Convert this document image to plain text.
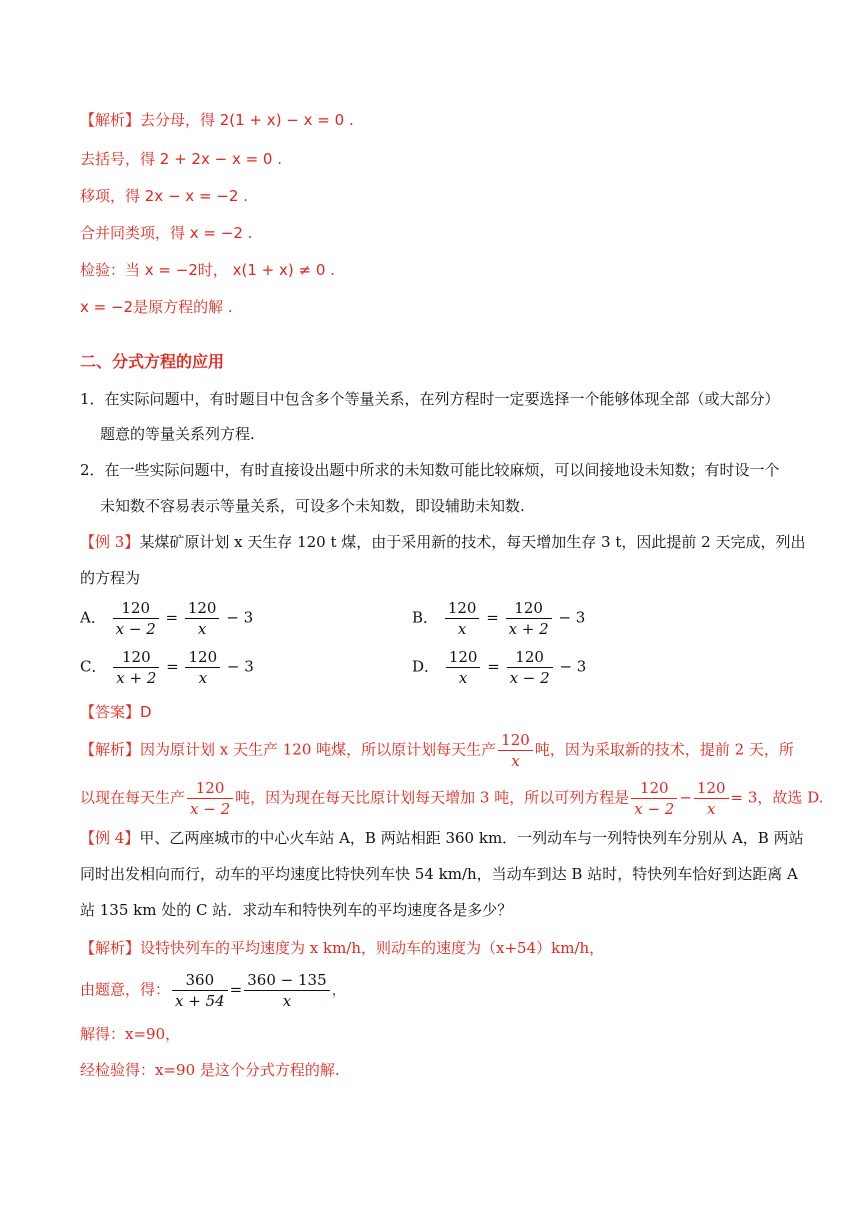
【解析】去分母，得 2(1 + x) − x = 0 .
去括号，得 2 + 2x − x = 0 .
移项，得 2x − x = −2 .
合并同类项，得 x = −2 .
检验：当 x = −2时， x(1 + x) ≠ 0 .
x = −2是原方程的解 .
二、分式方程的应用
1．在实际问题中，有时题目中包含多个等量关系，在列方程时一定要选择一个能够体现全部（或大部分）
题意的等量关系列方程.
2．在一些实际问题中，有时直接设出题中所求的未知数可能比较麻烦，可以间接地设未知数；有时设一个
未知数不容易表示等量关系，可设多个未知数，即设辅助未知数.
【例 3】某煤矿原计划 x 天生存 120 t 煤，由于采用新的技术，每天增加生存 3 t，因此提前 2 天完成，列出
的方程为
A． $\frac{120}{x - 2} = \frac{120}{x} - 3$	B． $\frac{120}{x} = \frac{120}{x + 2} - 3$
C． $\frac{120}{x + 2} = \frac{120}{x} - 3$	D． $\frac{120}{x} = \frac{120}{x - 2} - 3$
【答案】D
【解析】因为原计划 x 天生产 120 吨煤，所以原计划每天生产 $\frac{120}{x}$ 吨，因为采取新的技术，提前 2 天，所
以现在每天生产 $\frac{120}{x - 2}$ 吨，因为现在每天比原计划每天增加 3 吨，所以可列方程是 $\frac{120}{x - 2} - \frac{120}{x} = 3$，故选 D.
【例 4】甲、乙两座城市的中心火车站 A，B 两站相距 360 km．一列动车与一列特快列车分别从 A，B 两站
同时出发相向而行，动车的平均速度比特快列车快 54 km/h，当动车到达 B 站时，特快列车恰好到达距离 A
站 135 km 处的 C 站．求动车和特快列车的平均速度各是多少？
【解析】设特快列车的平均速度为 x km/h，则动车的速度为（x+54）km/h，
由题意，得： $\frac{360}{x + 54} = \frac{360 - 135}{x}$ ，
解得：x=90，
经检验得：x=90 是这个分式方程的解.
